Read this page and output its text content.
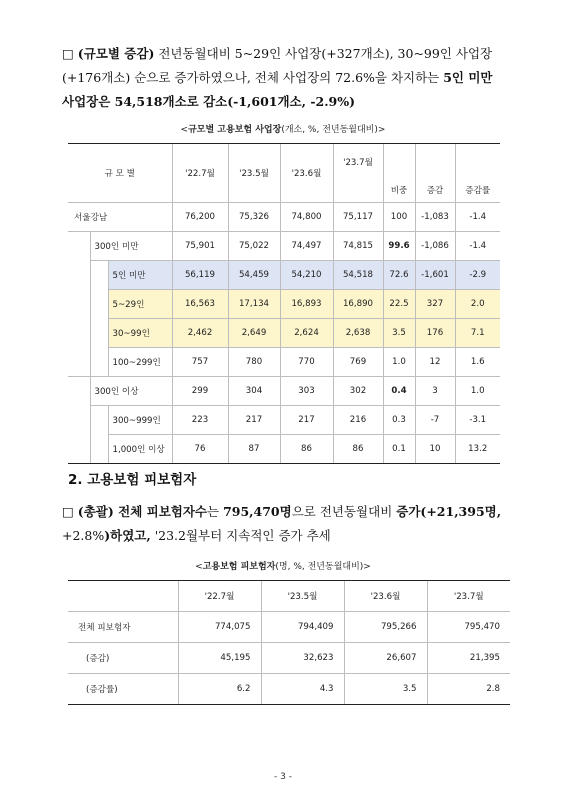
□ (규모별 증감) 전년동월대비 5~29인 사업장(+327개소), 30~99인 사업장(+176개소) 순으로 증가하였으나, 전체 사업장의 72.6%을 차지하는 5인 미만 사업장은 54,518개소로 감소(-1,601개소, -2.9%)
<규모별 고용보험 사업장(개소, %, 전년동월대비)>
규 모 별			'22.7월	'23.5월	'23.6월	'23.7월	비중	증감	증감률
서울강남			76,200	75,326	74,800	75,117	100	-1,083	-1.4
	300인 미만		75,901	75,022	74,497	74,815	99.6	-1,086	-1.4
		5인 미만	56,119	54,459	54,210	54,518	72.6	-1,601	-2.9
		5~29인	16,563	17,134	16,893	16,890	22.5	327	2.0
		30~99인	2,462	2,649	2,624	2,638	3.5	176	7.1
		100~299인	757	780	770	769	1.0	12	1.6
	300인 이상		299	304	303	302	0.4	3	1.0
		300~999인	223	217	217	216	0.3	-7	-3.1
		1,000인 이상	76	87	86	86	0.1	10	13.2
2. 고용보험 피보험자
□ (총괄) 전체 피보험자수는 795,470명으로 전년동월대비 증가(+21,395명, +2.8%)하였고, '23.2월부터 지속적인 증가 추세
<고용보험 피보험자(명, %, 전년동월대비)>
	'22.7월	'23.5월	'23.6월	'23.7월
전체 피보험자	774,075	794,409	795,266	795,470
(증감)	45,195	32,623	26,607	21,395
(증감률)	6.2	4.3	3.5	2.8
- 3 -
